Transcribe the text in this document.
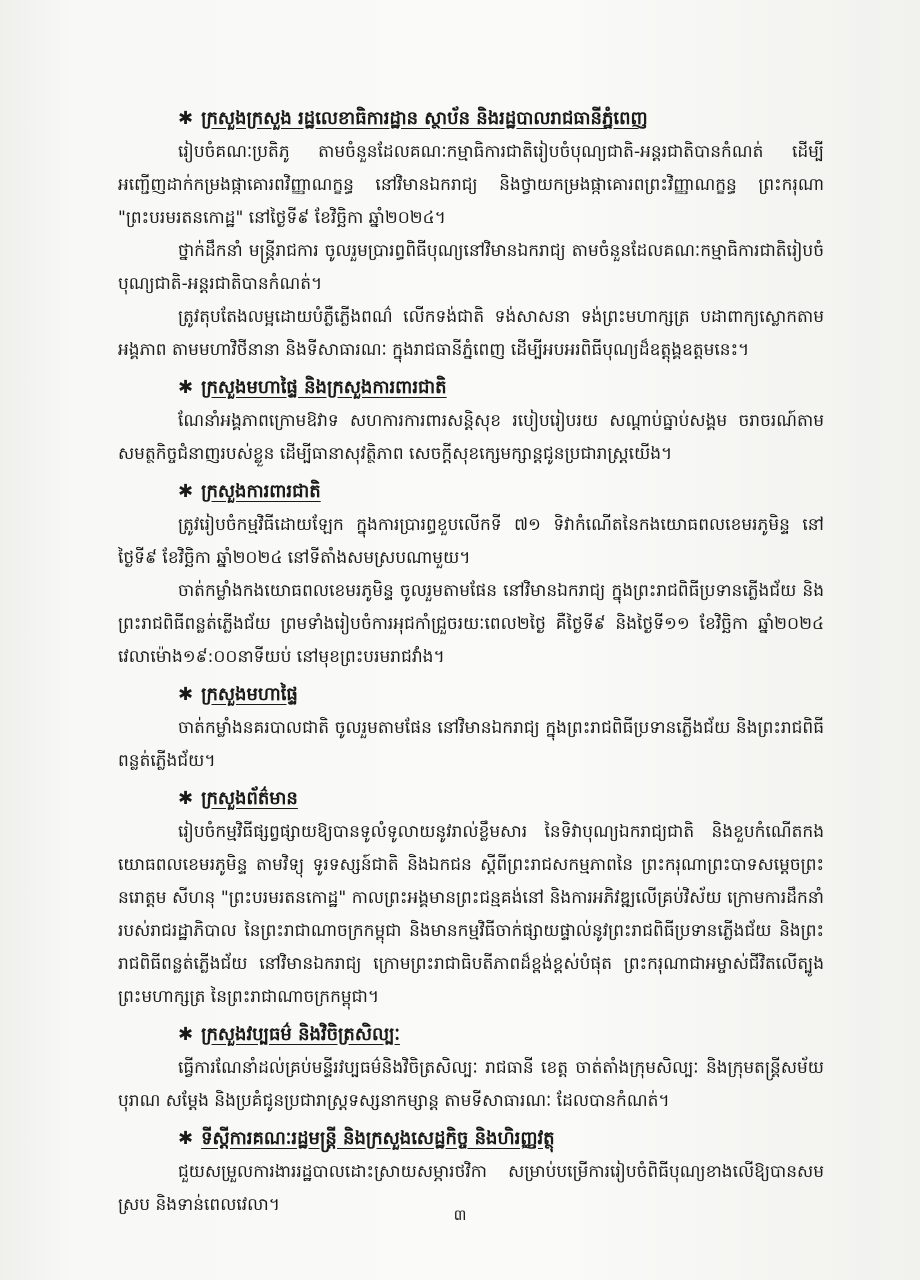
✱ ក្រសួងក្រសួង រដ្ឋលេខាធិការដ្ឋាន ស្ថាប័ន និងរដ្ឋបាលរាជធានីភ្នំពេញ

រៀបចំគណៈប្រតិភូ តាមចំនួនដែលគណៈកម្មាធិការជាតិរៀបចំបុណ្យជាតិ-អន្តរជាតិបានកំណត់ ដើម្បីអញ្ជើញដាក់កម្រងផ្កាគោរពវិញ្ញាណក្ខន្ធ នៅវិមានឯករាជ្យ និងថ្វាយកម្រងផ្កាគោរពព្រះវិញ្ញាណក្ខន្ធ ព្រះករុណា "ព្រះបរមរតនកោដ្ឋ" នៅថ្ងៃទី៩ ខែវិច្ឆិកា ឆ្នាំ២០២៤។

ថ្នាក់ដឹកនាំ មន្ត្រីរាជការ ចូលរួមប្រារព្ធពិធីបុណ្យនៅវិមានឯករាជ្យ តាមចំនួនដែលគណៈកម្មាធិការជាតិរៀបចំបុណ្យជាតិ-អន្តរជាតិបានកំណត់។

ត្រូវតុបតែងលម្អដោយបំភ្លឺភ្លើងពណ៌ លើកទង់ជាតិ ទង់សាសនា ទង់ព្រះមហាក្សត្រ បដាពាក្យស្លោកតាមអង្គភាព តាមមហាវិថីនានា និងទីសាធារណៈ ក្នុងរាជធានីភ្នំពេញ ដើម្បីអបអរពិធីបុណ្យដ៏ឧត្តុង្គឧត្តមនេះ។

✱ ក្រសួងមហាផ្ទៃ និងក្រសួងការពារជាតិ

ណែនាំអង្គភាពក្រោមឱវាទ សហការការពារសន្តិសុខ របៀបរៀបរយ សណ្តាប់ធ្នាប់សង្គម ចរាចរណ៍តាមសមត្ថកិច្ចជំនាញរបស់ខ្លួន ដើម្បីធានាសុវត្ថិភាព សេចក្តីសុខក្សេមក្សាន្តជូនប្រជារាស្ត្រយើង។

✱ ក្រសួងការពារជាតិ

ត្រូវរៀបចំកម្មវិធីដោយឡែក ក្នុងការប្រារព្ធខួបលើកទី ៧១ ទិវាកំណើតនៃកងយោធពលខេមរភូមិន្ទ នៅថ្ងៃទី៩ ខែវិច្ឆិកា ឆ្នាំ២០២៤ នៅទីតាំងសមស្របណាមួយ។

ចាត់កម្លាំងកងយោធពលខេមរភូមិន្ទ ចូលរួមតាមផែន នៅវិមានឯករាជ្យ ក្នុងព្រះរាជពិធីប្រទានភ្លើងជ័យ និងព្រះរាជពិធីពន្លត់ភ្លើងជ័យ ព្រមទាំងរៀបចំការអុជកាំជ្រួចរយៈពេល២ថ្ងៃ គឺថ្ងៃទី៩ និងថ្ងៃទី១១ ខែវិច្ឆិកា ឆ្នាំ២០២៤ វេលាម៉ោង១៩:០០នាទីយប់ នៅមុខព្រះបរមរាជវាំង។

✱ ក្រសួងមហាផ្ទៃ

ចាត់កម្លាំងនគរបាលជាតិ ចូលរួមតាមផែន នៅវិមានឯករាជ្យ ក្នុងព្រះរាជពិធីប្រទានភ្លើងជ័យ និងព្រះរាជពិធីពន្លត់ភ្លើងជ័យ។

✱ ក្រសួងព័ត៌មាន

រៀបចំកម្មវិធីផ្សព្វផ្សាយឱ្យបានទូលំទូលាយនូវរាល់ខ្លឹមសារ នៃទិវាបុណ្យឯករាជ្យជាតិ និងខួបកំណើតកងយោធពលខេមរភូមិន្ទ តាមវិទ្យុ ទូរទស្សន៍ជាតិ និងឯកជន ស្ដីពីព្រះរាជសកម្មភាពនៃ ព្រះករុណាព្រះបាទសម្តេចព្រះ នរោត្តម សីហនុ "ព្រះបរមរតនកោដ្ឋ" កាលព្រះអង្គមានព្រះជន្មគង់នៅ និងការអភិវឌ្ឍលើគ្រប់វិស័យ ក្រោមការដឹកនាំរបស់រាជរដ្ឋាភិបាល នៃព្រះរាជាណាចក្រកម្ពុជា និងមានកម្មវិធីចាក់ផ្សាយផ្ទាល់នូវព្រះរាជពិធីប្រទានភ្លើងជ័យ និងព្រះរាជពិធីពន្លត់ភ្លើងជ័យ នៅវិមានឯករាជ្យ ក្រោមព្រះរាជាធិបតីភាពដ៏ខ្ពង់ខ្ពស់បំផុត ព្រះករុណាជាអម្ចាស់ជីវិតលើត្បូង ព្រះមហាក្សត្រ នៃព្រះរាជាណាចក្រកម្ពុជា។

✱ ក្រសួងវប្បធម៌ និងវិចិត្រសិល្បៈ

ធ្វើការណែនាំដល់គ្រប់មន្ទីរវប្បធម៌និងវិចិត្រសិល្បៈ រាជធានី ខេត្ត ចាត់តាំងក្រុមសិល្បៈ និងក្រុមតន្ត្រីសម័យ បុរាណ សម្តែង និងប្រគំជូនប្រជារាស្ត្រទស្សនាកម្សាន្ត តាមទីសាធារណៈ ដែលបានកំណត់។

✱ ទីស្តីការគណៈរដ្ឋមន្ត្រី និងក្រសួងសេដ្ឋកិច្ច និងហិរញ្ញវត្ថុ

ជួយសម្រួលការងាររដ្ឋបាលដោះស្រាយសម្ភារថវិកា សម្រាប់បម្រើការរៀបចំពិធីបុណ្យខាងលើឱ្យបានសមស្រប និងទាន់ពេលវេលា។	៣
